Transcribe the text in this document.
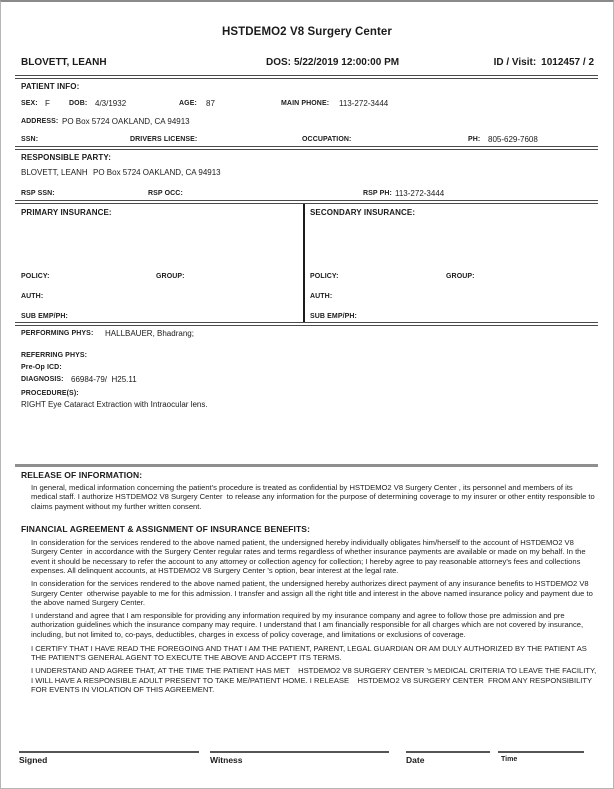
HSTDEMO2 V8 Surgery Center
BLOVETT, LEANH	DOS: 5/22/2019 12:00:00 PM	ID / Visit: 1012457 / 2
PATIENT INFO:
SEX: F	DOB: 4/3/1932	AGE: 87	MAIN PHONE: 113-272-3444
ADDRESS: PO Box 5724 OAKLAND, CA 94913
SSN:	DRIVERS LICENSE:	OCCUPATION:	PH: 805-629-7608
RESPONSIBLE PARTY:
BLOVETT, LEANH PO Box 5724 OAKLAND, CA 94913
RSP SSN:	RSP OCC:	RSP PH: 113-272-3444
PRIMARY INSURANCE:	SECONDARY INSURANCE:
POLICY:	GROUP:	POLICY:	GROUP:
AUTH:	AUTH:
SUB EMP/PH:	SUB EMP/PH:
PERFORMING PHYS: HALLBAUER, Bhadrang;
REFERRING PHYS:
Pre-Op ICD:
DIAGNOSIS: 66984-79/  H25.11
PROCEDURE(S):
RIGHT Eye Cataract Extraction with Intraocular lens.
RELEASE OF INFORMATION:
In general, medical information concerning the patient's procedure is treated as confidential by HSTDEMO2 V8 Surgery Center , its personnel and members of its medical staff. I authorize HSTDEMO2 V8 Surgery Center  to release any information for the purpose of determining coverage to my insurer or other entity responsible to claims payment without my further written consent.
FINANCIAL AGREEMENT & ASSIGNMENT OF INSURANCE BENEFITS:

In consideration for the services rendered to the above named patient, the undersigned hereby individually obligates him/herself to the account of HSTDEMO2 V8 Surgery Center  in accordance with the Surgery Center regular rates and terms regardless of whether insurance payments are available or made on my behalf. In the event it should be necessary to refer the account to any attorney or collection agency for collection; I hereby agree to pay reasonable attorney's fees and collections expenses. All delinquent accounts, at HSTDEMO2 V8 Surgery Center 's option, bear interest at the legal rate.

In consideration for the services rendered to the above named patient, the undersigned hereby authorizes direct payment of any insurance benefits to HSTDEMO2 V8 Surgery Center  otherwise payable to me for this admission. I transfer and assign all the right title and interest in the above named insurance policy and payment due to the above named Surgery Center.

I understand and agree that I am responsible for providing any information required by my insurance company and agree to follow those pre admission and pre authorization guidelines which the insurance company may require. I understand that I am financially responsible for all charges which are not covered by insurance, including, but not limited to, co-pays, deductibles, charges in excess of policy coverage, and limitations or exclusions of coverage.

I CERTIFY THAT I HAVE READ THE FOREGOING AND THAT I AM THE PATIENT, PARENT, LEGAL GUARDIAN OR AM DULY AUTHORIZED BY THE PATIENT AS THE PATIENT'S GENERAL AGENT TO EXECUTE THE ABOVE AND ACCEPT ITS TERMS.

I UNDERSTAND AND AGREE THAT, AT THE TIME THE PATIENT HAS MET    HSTDEMO2 V8 SURGERY CENTER 's MEDICAL CRITERIA TO LEAVE THE FACILITY, I WILL HAVE A RESPONSIBLE ADULT PRESENT TO TAKE ME/PATIENT HOME. I RELEASE    HSTDEMO2 V8 SURGERY CENTER  FROM ANY RESPONSIBILITY FOR EVENTS IN VIOLATION OF THIS AGREEMENT.

Signed	Witness	Date	Time
